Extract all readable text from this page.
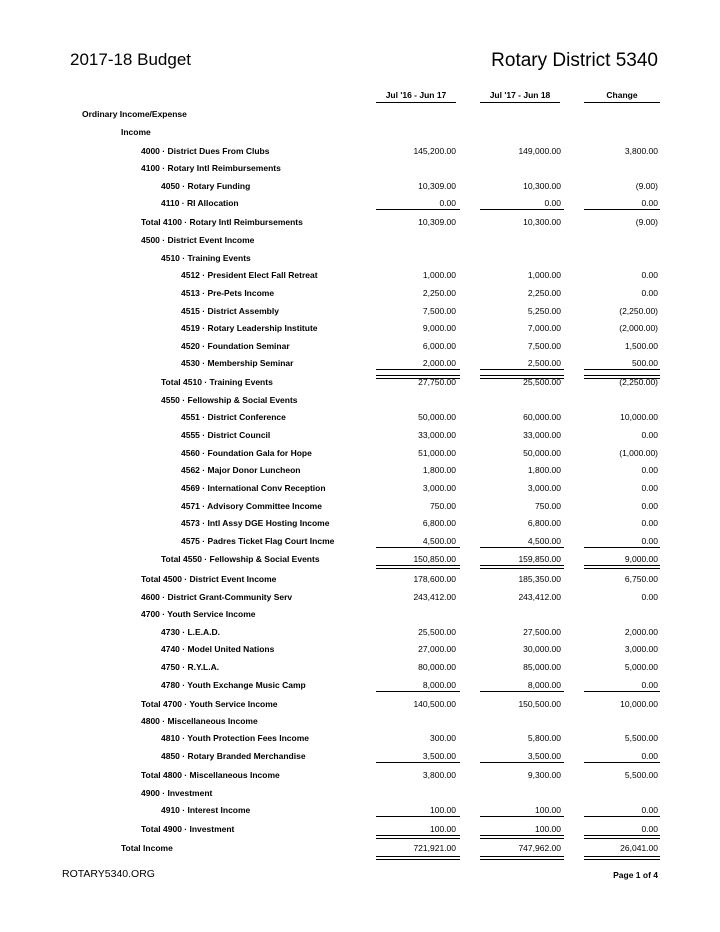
2017-18 Budget	Rotary District 5340
Jul '16 - Jun 17	Jul '17 - Jun 18	Change
Ordinary Income/Expense
Income
4000 · District Dues From Clubs	145,200.00	149,000.00	3,800.00
4100 · Rotary Intl Reimbursements
4050 · Rotary Funding	10,309.00	10,300.00	(9.00)
4110 · RI Allocation	0.00	0.00	0.00
Total 4100 · Rotary Intl Reimbursements	10,309.00	10,300.00	(9.00)
4500 · District Event Income
4510 · Training Events
4512 · President Elect Fall Retreat	1,000.00	1,000.00	0.00
4513 · Pre-Pets Income	2,250.00	2,250.00	0.00
4515 · District Assembly	7,500.00	5,250.00	(2,250.00)
4519 · Rotary Leadership Institute	9,000.00	7,000.00	(2,000.00)
4520 · Foundation Seminar	6,000.00	7,500.00	1,500.00
4530 · Membership Seminar	2,000.00	2,500.00	500.00
Total 4510 · Training Events	27,750.00	25,500.00	(2,250.00)
4550 · Fellowship & Social Events
4551 · District Conference	50,000.00	60,000.00	10,000.00
4555 · District Council	33,000.00	33,000.00	0.00
4560 · Foundation Gala for Hope	51,000.00	50,000.00	(1,000.00)
4562 · Major Donor Luncheon	1,800.00	1,800.00	0.00
4569 · International Conv Reception	3,000.00	3,000.00	0.00
4571 · Advisory Committee Income	750.00	750.00	0.00
4573 · Intl Assy DGE Hosting Income	6,800.00	6,800.00	0.00
4575 · Padres Ticket Flag Court Incme	4,500.00	4,500.00	0.00
Total 4550 · Fellowship & Social Events	150,850.00	159,850.00	9,000.00
Total 4500 · District Event Income	178,600.00	185,350.00	6,750.00
4600 · District Grant-Community Serv	243,412.00	243,412.00	0.00
4700 · Youth Service Income
4730 · L.E.A.D.	25,500.00	27,500.00	2,000.00
4740 · Model United Nations	27,000.00	30,000.00	3,000.00
4750 · R.Y.L.A.	80,000.00	85,000.00	5,000.00
4780 · Youth Exchange Music Camp	8,000.00	8,000.00	0.00
Total 4700 · Youth Service Income	140,500.00	150,500.00	10,000.00
4800 · Miscellaneous Income
4810 · Youth Protection Fees Income	300.00	5,800.00	5,500.00
4850 · Rotary Branded Merchandise	3,500.00	3,500.00	0.00
Total 4800 · Miscellaneous Income	3,800.00	9,300.00	5,500.00
4900 · Investment
4910 · Interest Income	100.00	100.00	0.00
Total 4900 · Investment	100.00	100.00	0.00
Total Income	721,921.00	747,962.00	26,041.00
ROTARY5340.ORG	Page 1 of 4
